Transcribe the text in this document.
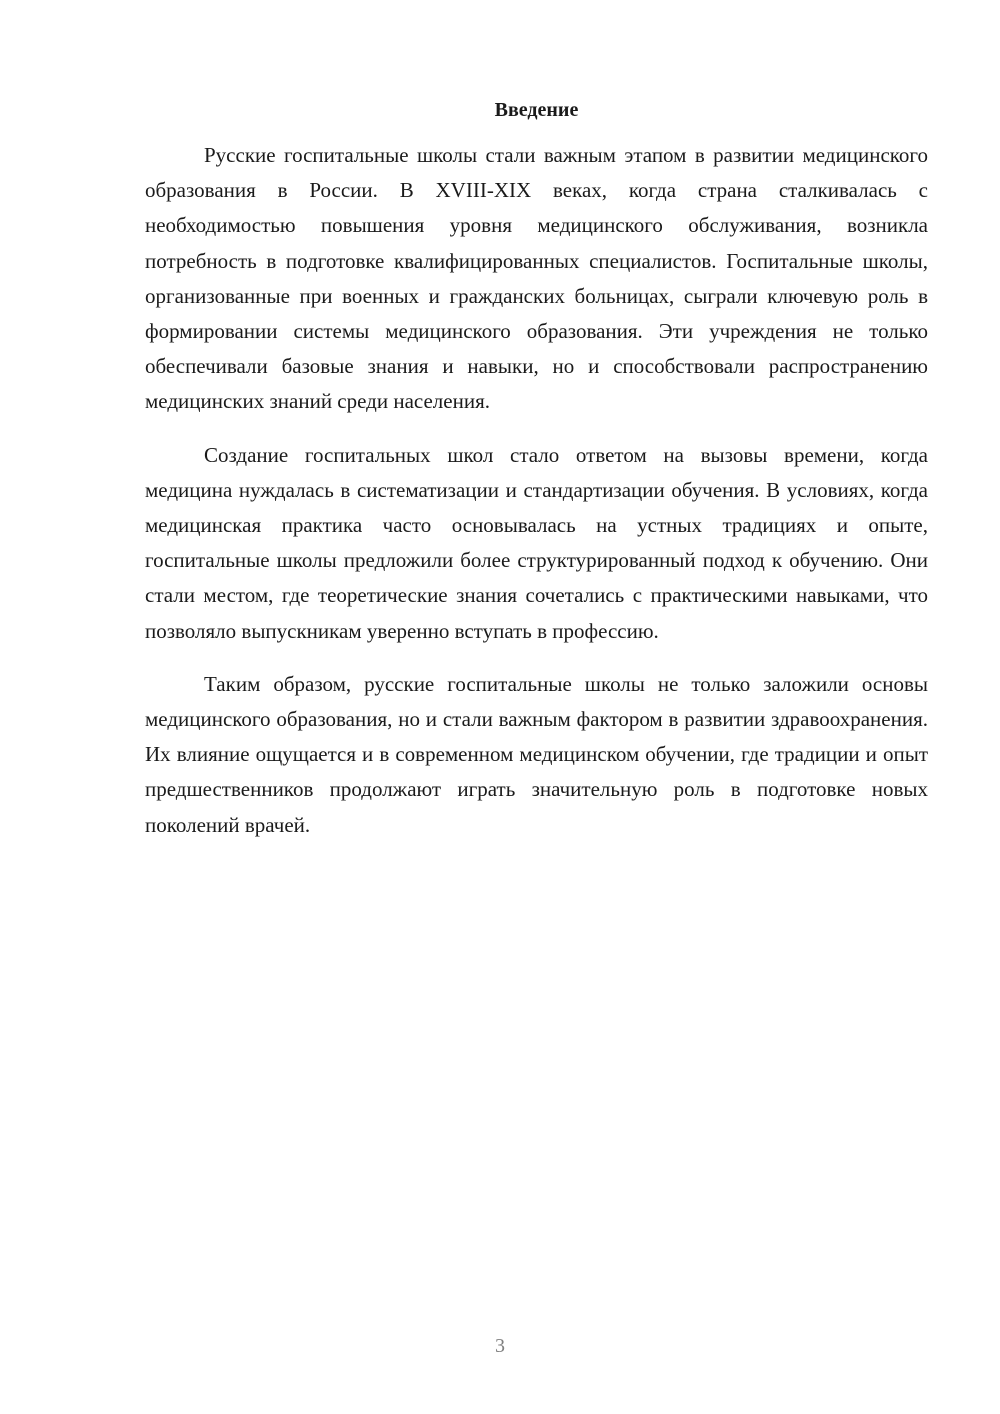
Введение

Русские госпитальные школы стали важным этапом в развитии медицинского образования в России. В XVIII-XIX веках, когда страна сталкивалась с необходимостью повышения уровня медицинского обслуживания, возникла потребность в подготовке квалифицированных специалистов. Госпитальные школы, организованные при военных и гражданских больницах, сыграли ключевую роль в формировании системы медицинского образования. Эти учреждения не только обеспечивали базовые знания и навыки, но и способствовали распространению медицинских знаний среди населения.

Создание госпитальных школ стало ответом на вызовы времени, когда медицина нуждалась в систематизации и стандартизации обучения. В условиях, когда медицинская практика часто основывалась на устных традициях и опыте, госпитальные школы предложили более структурированный подход к обучению. Они стали местом, где теоретические знания сочетались с практическими навыками, что позволяло выпускникам уверенно вступать в профессию.

Таким образом, русские госпитальные школы не только заложили основы медицинского образования, но и стали важным фактором в развитии здравоохранения. Их влияние ощущается и в современном медицинском обучении, где традиции и опыт предшественников продолжают играть значительную роль в подготовке новых поколений врачей.

3
